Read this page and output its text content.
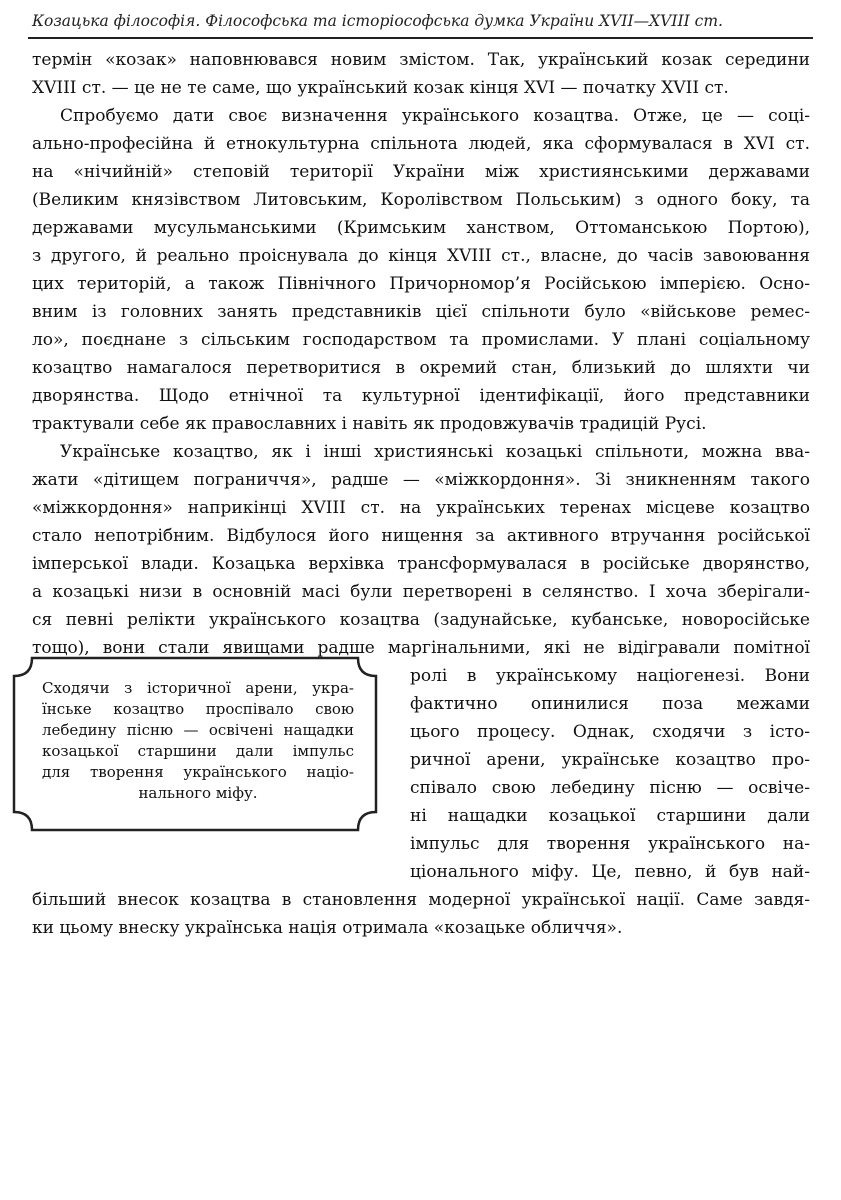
Козацька філософія. Філософська та історіософська думка України XVII—XVIII ст.
термін «козак» наповнювався новим змістом. Так, український козак середини
XVIII ст. — це не те саме, що український козак кінця XVI — початку XVII ст.
Спробуємо дати своє визначення українського козацтва. Отже, це — соці-
ально-професійна й етнокультурна спільнота людей, яка сформувалася в XVI ст.
на «нічийній» степовій території України між християнськими державами
(Великим князівством Литовським, Королівством Польським) з одного боку, та
державами мусульманськими (Кримським ханством, Оттоманською Портою),
з другого, й реально проіснувала до кінця XVIII ст., власне, до часів завоювання
цих територій, а також Північного Причорномор’я Російською імперією. Осно-
вним із головних занять представників цієї спільноти було «військове ремес-
ло», поєднане з сільським господарством та промислами. У плані соціальному
козацтво намагалося перетворитися в окремий стан, близький до шляхти чи
дворянства. Щодо етнічної та культурної ідентифікації, його представники
трактували себе як православних і навіть як продовжувачів традицій Русі.
Українське козацтво, як і інші християнські козацькі спільноти, можна вва-
жати «дітищем пограниччя», радше — «міжкордоння». Зі зникненням такого
«міжкордоння» наприкінці XVIII ст. на українських теренах місцеве козацтво
стало непотрібним. Відбулося його нищення за активного втручання російської
імперської влади. Козацька верхівка трансформувалася в російське дворянство,
а козацькі низи в основній масі були перетворені в селянство. І хоча зберігали-
ся певні релікти українського козацтва (задунайське, кубанське, новоросійське
тощо), вони стали явищами радше маргінальними, які не відігравали помітної
ролі в українському націогенезі. Вони
фактично опинилися поза межами
цього процесу. Однак, сходячи з істо-
ричної арени, українське козацтво про-
співало свою лебедину пісню — освіче-
ні нащадки козацької старшини дали
імпульс для творення українського на-
ціонального міфу. Це, певно, й був най-
більший внесок козацтва в становлення модерної української нації. Саме завдя-
ки цьому внеску українська нація отримала «козацьке обличчя».
Сходячи з історичної арени, укра-
їнське козацтво проспівало свою
лебедину пісню — освічені нащадки
козацької старшини дали імпульс
для творення українського націо-
нального міфу.
